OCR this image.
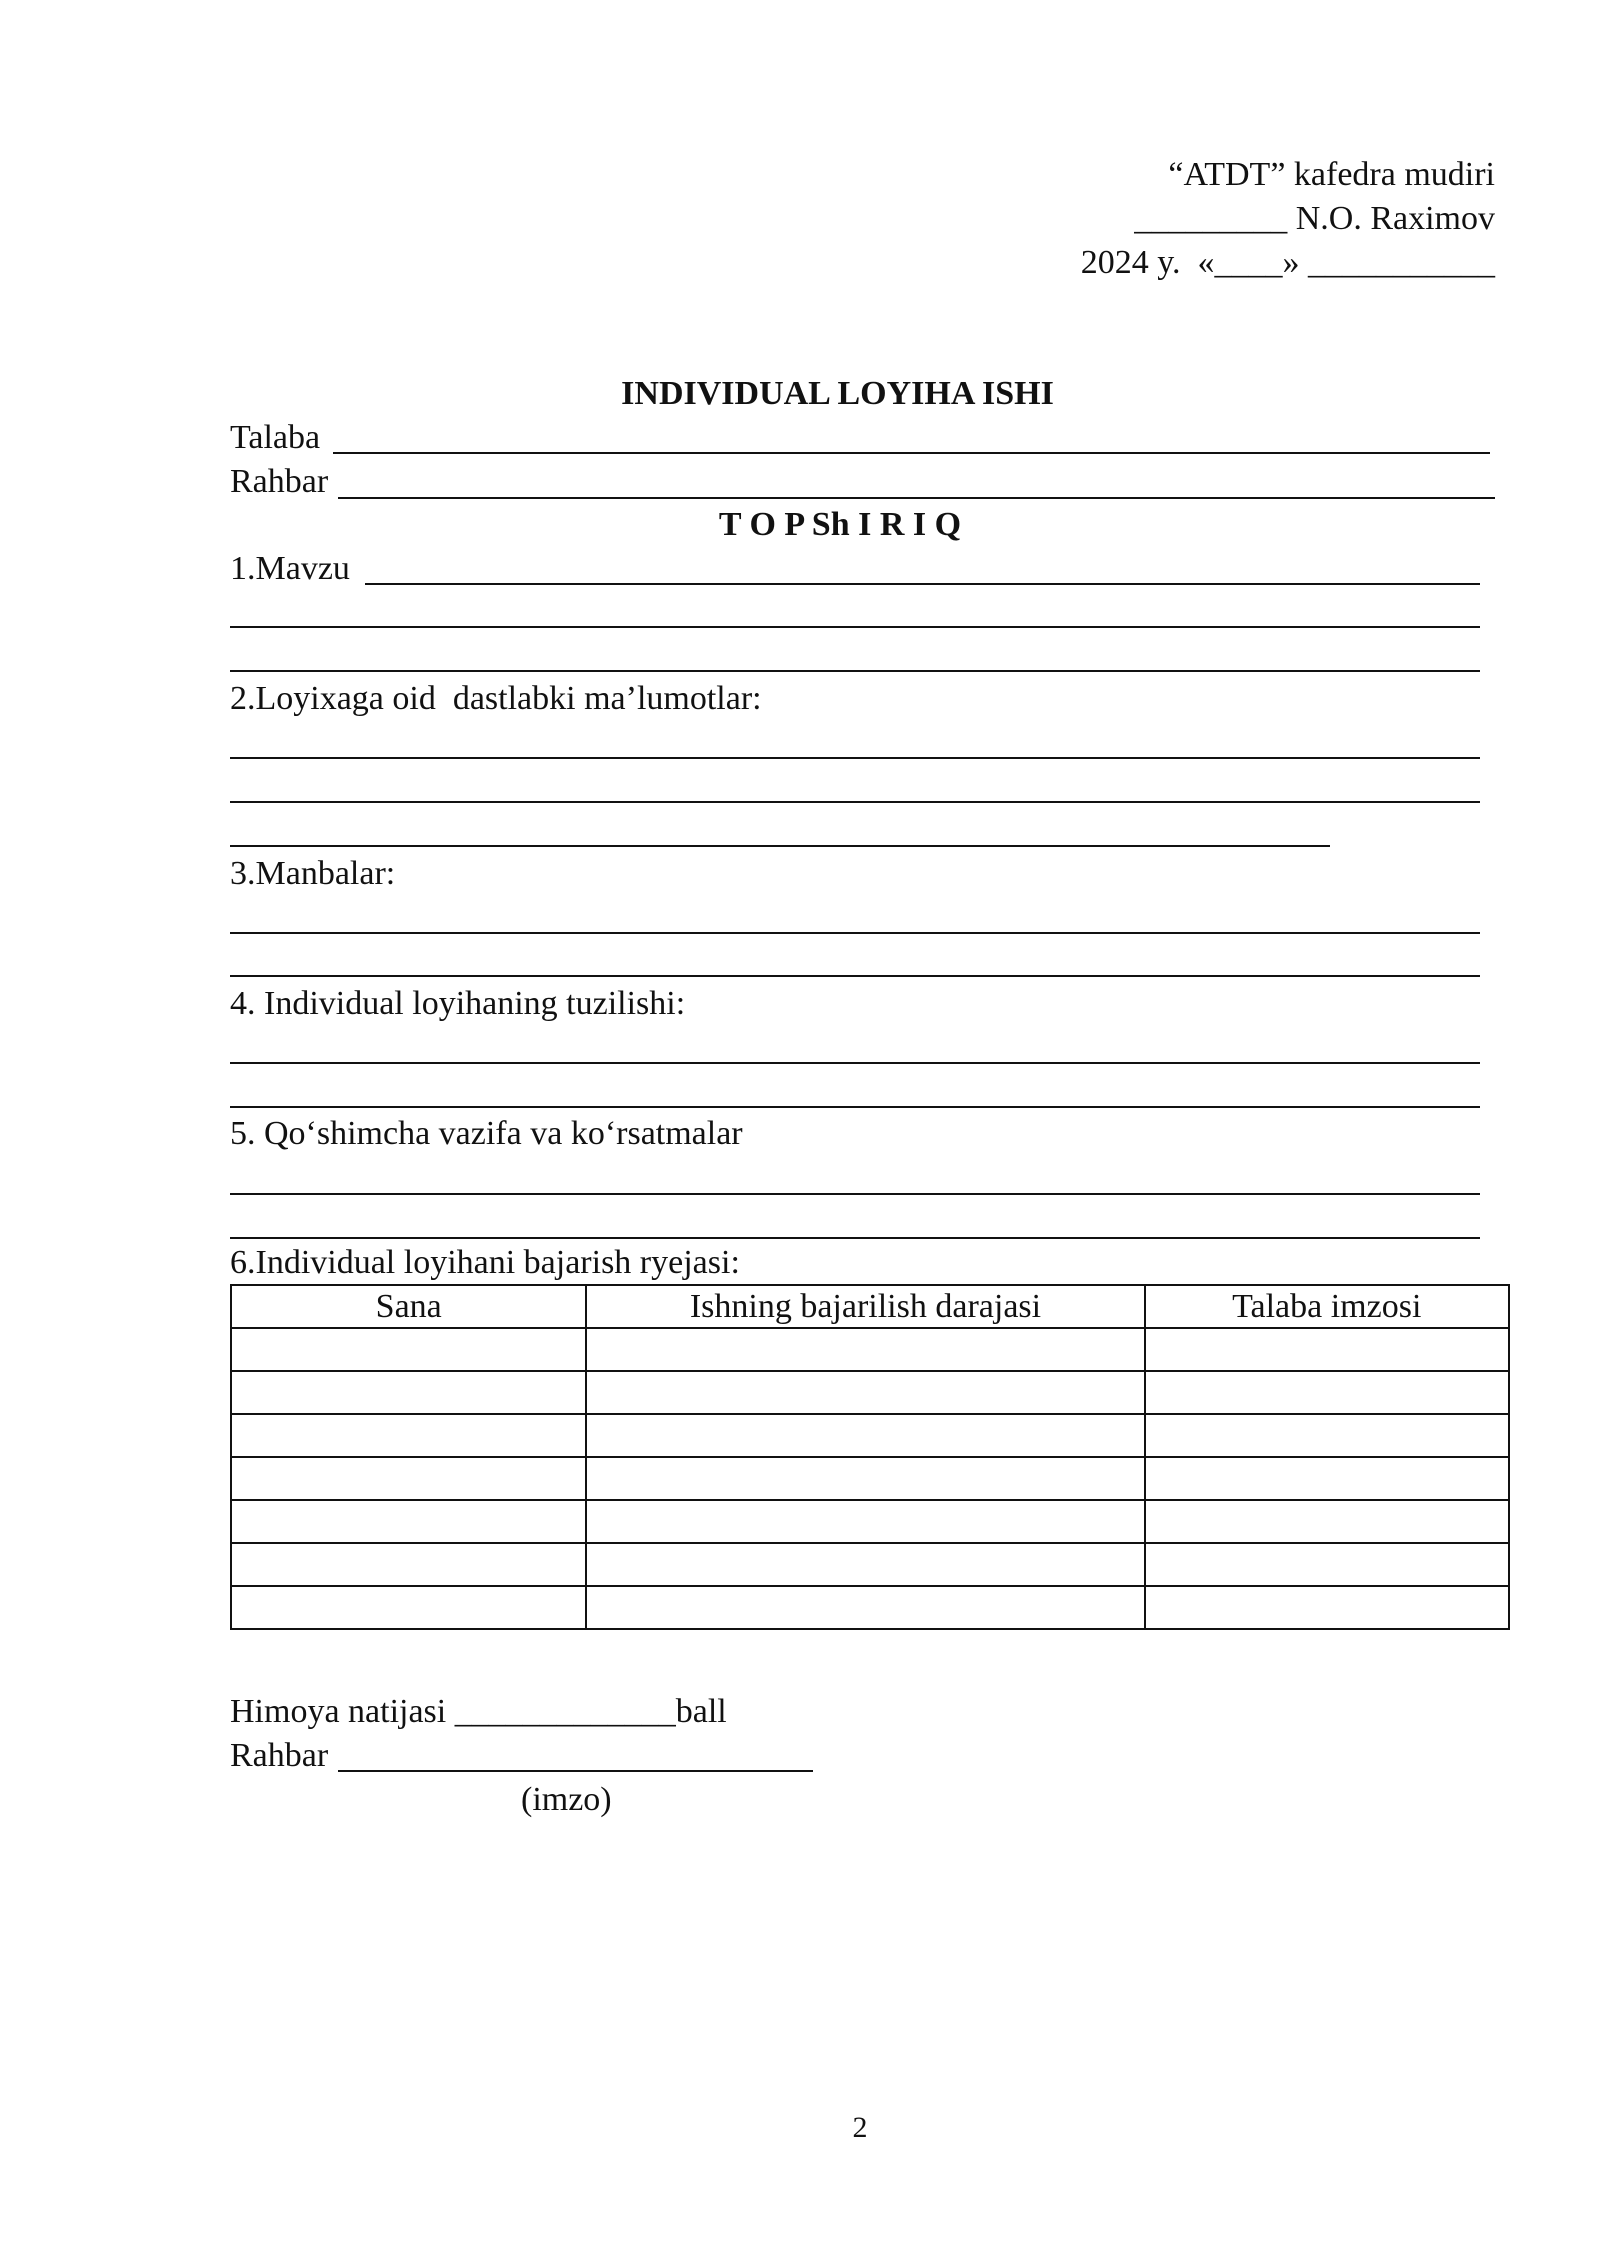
“ATDT” kafedra mudiri
_________ N.O. Raximov
2024 y.  «____» ___________
INDIVIDUAL LOYIHA ISHI
Talaba
Rahbar
T O P Sh I R I Q
1.Mavzu
2.Loyixaga oid  dastlabki ma’lumotlar:
3.Manbalar:
4. Individual loyihaning tuzilishi:
5. Qo‘shimcha vazifa va ko‘rsatmalar
6.Individual loyihani bajarish ryejasi:
Sana	Ishning bajarilish darajasi	Talaba imzosi

Himoya natijasi _____________ball
Rahbar
(imzo)
2
